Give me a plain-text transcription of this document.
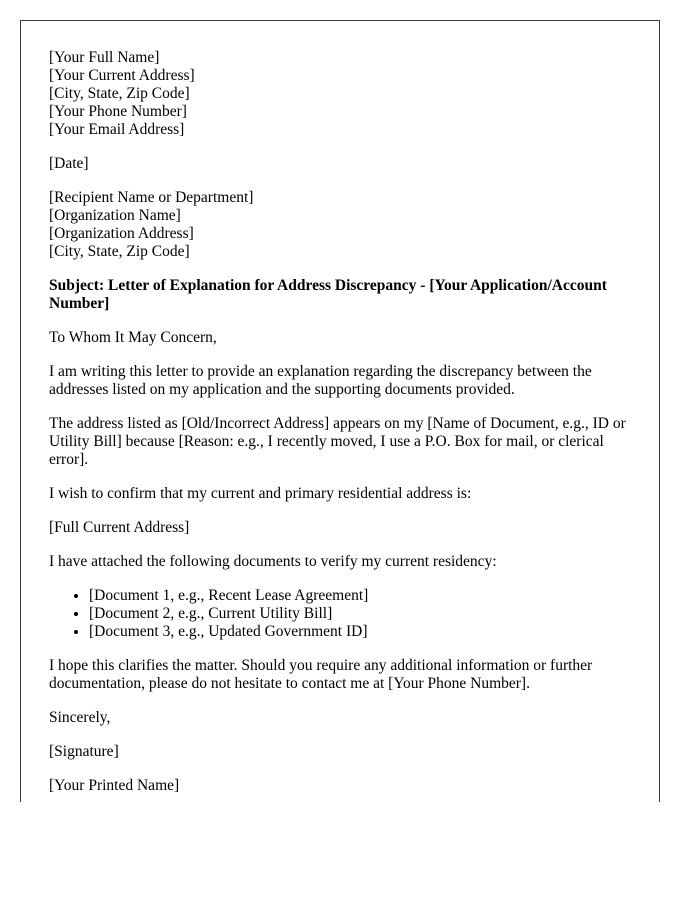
[Your Full Name]
[Your Current Address]
[City, State, Zip Code]
[Your Phone Number]
[Your Email Address]
[Date]
[Recipient Name or Department]
[Organization Name]
[Organization Address]
[City, State, Zip Code]
Subject: Letter of Explanation for Address Discrepancy - [Your Application/Account Number]

To Whom It May Concern,

I am writing this letter to provide an explanation regarding the discrepancy between the addresses listed on my application and the supporting documents provided.

The address listed as [Old/Incorrect Address] appears on my [Name of Document, e.g., ID or Utility Bill] because [Reason: e.g., I recently moved, I use a P.O. Box for mail, or clerical error].

I wish to confirm that my current and primary residential address is:

[Full Current Address]

I have attached the following documents to verify my current residency:

• [Document 1, e.g., Recent Lease Agreement]
• [Document 2, e.g., Current Utility Bill]
• [Document 3, e.g., Updated Government ID]

I hope this clarifies the matter. Should you require any additional information or further documentation, please do not hesitate to contact me at [Your Phone Number].

Sincerely,

[Signature]

[Your Printed Name]
